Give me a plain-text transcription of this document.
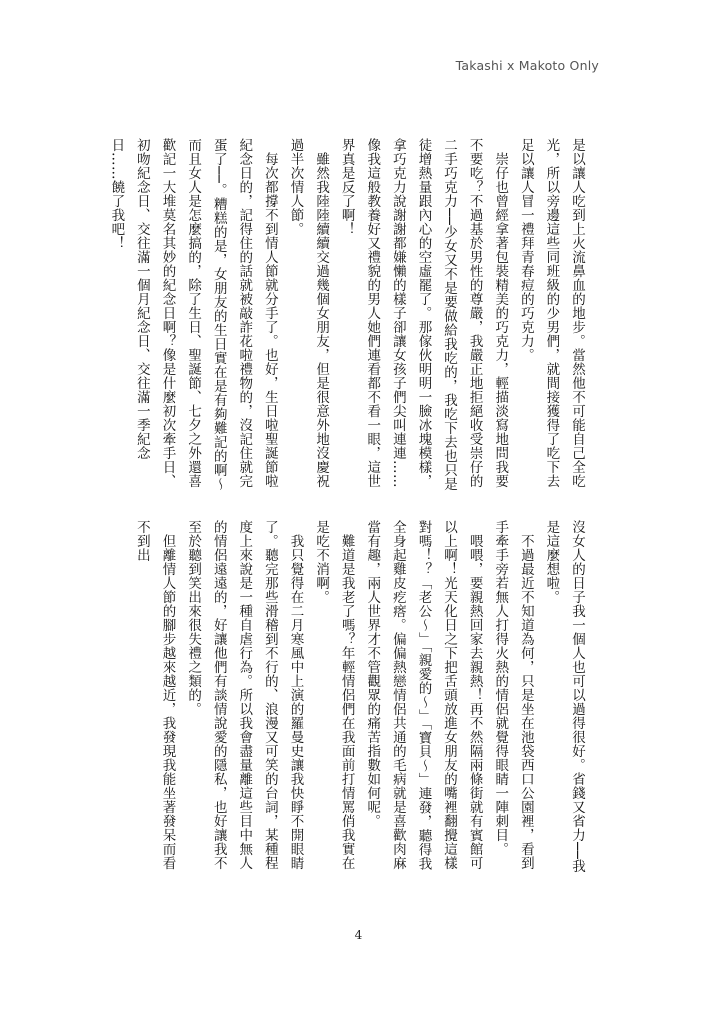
Takashi x Makoto Only

是以讓人吃到上火流鼻血的地步。當然他不可能自己全吃光，所以旁邊這些同班級的少男們，就間接獲得了吃下去足以讓人冒一禮拜青春痘的巧克力。

崇仔也曾經拿著包裝精美的巧克力，輕描淡寫地問我要不要吃？不過基於男性的尊嚴，我嚴正地拒絕收受崇仔的二手巧克力──少女又不是要做給我吃的，我吃下去也只是徒增熱量跟內心的空虛罷了。那傢伙明明一臉冰塊模樣，拿巧克力說謝謝都嫌懶的樣子卻讓女孩子們尖叫連連……像我這般教養好又禮貌的男人她們連看都不看一眼，這世界真是反了啊！

雖然我陸陸續續交過幾個女朋友，但是很意外地沒慶祝過半次情人節。

每次都撐不到情人節就分手了。也好，生日啦聖誕節啦紀念日的，記得住的話就被敲詐花啦禮物的，沒記住就完蛋了──。糟糕的是，女朋友的生日實在是有夠難記的啊～而且女人是怎麼搞的，除了生日、聖誕節、七夕之外還喜歡記一大堆莫名其妙的紀念日啊？像是什麼初次牽手日、初吻紀念日、交往滿一個月紀念日、交往滿一季紀念日……饒了我吧！

沒女人的日子我一個人也可以過得很好。省錢又省力──我是這麼想啦。

不過最近不知道為何，只是坐在池袋西口公園裡，看到手牽手旁若無人打得火熱的情侶就覺得眼睛一陣刺目。

喂喂，要親熱回家去親熱！再不然隔兩條街就有賓館可以上啊！光天化日之下把舌頭放進女朋友的嘴裡翻攪這樣對嗎！？「老公～」「親愛的～」「寶貝～」連發，聽得我全身起雞皮疙瘩。偏偏熱戀情侶共通的毛病就是喜歡肉麻當有趣，兩人世界才不管觀眾的痛苦指數如何呢。

難道是我老了嗎？年輕情侶們在我面前打情罵俏我實在是吃不消啊。

我只覺得在二月寒風中上演的羅曼史讓我快睜不開眼睛了。聽完那些滑稽到不行的、浪漫又可笑的台詞，某種程度上來說是一種自虐行為。所以我會盡量離這些目中無人的情侶遠遠的，好讓他們有談情說愛的隱私，也好讓我不至於聽到笑出來很失禮之類的。

但離情人節的腳步越來越近，我發現我能坐著發呆而看不到出

4
